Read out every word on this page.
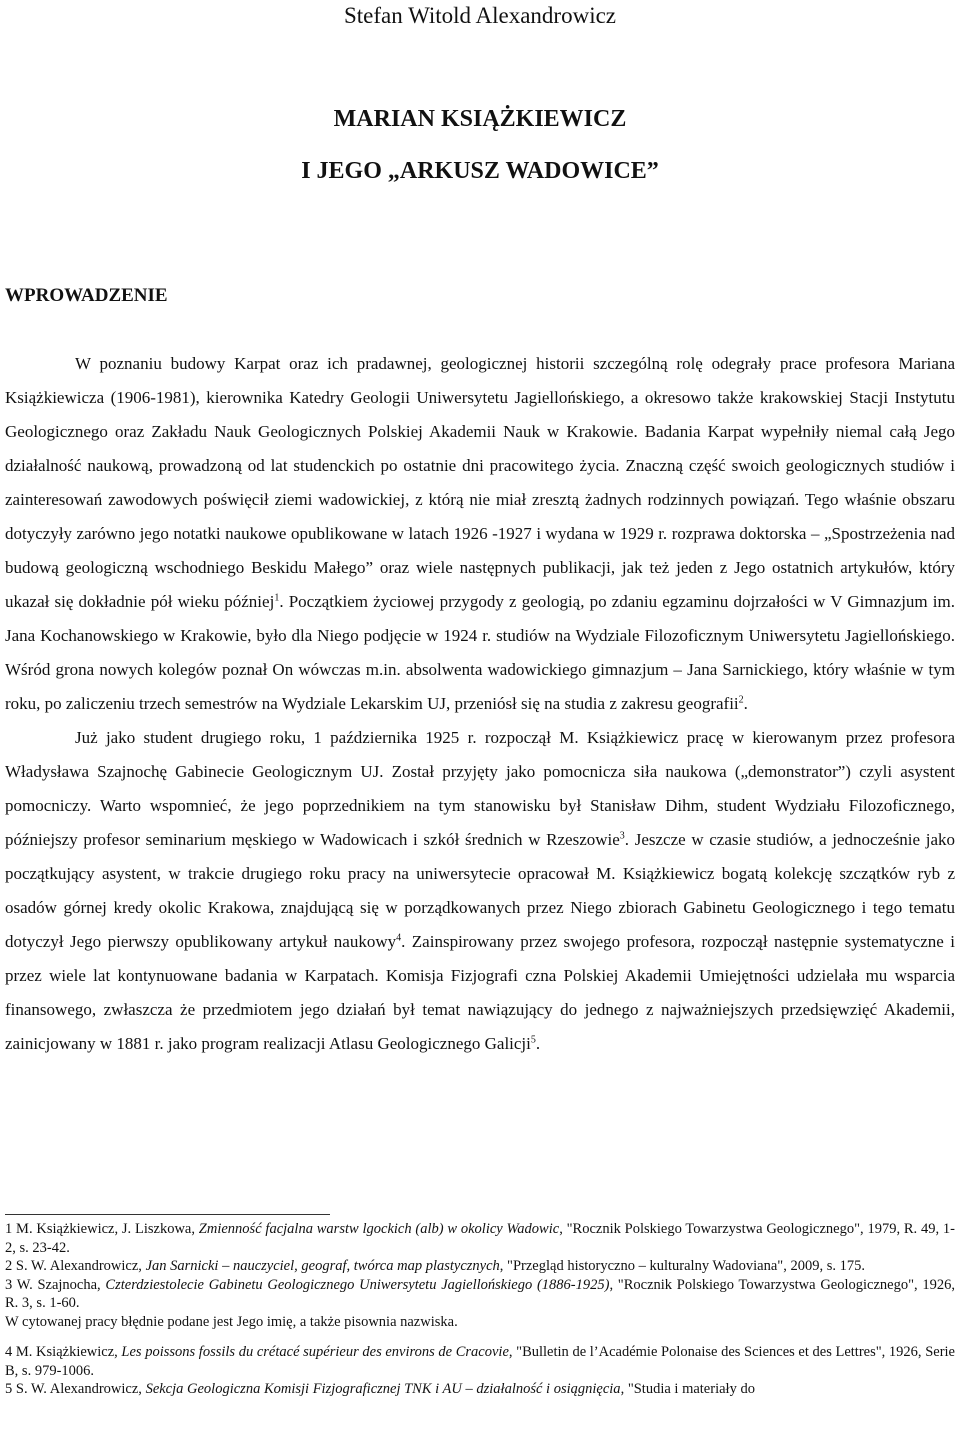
Stefan Witold Alexandrowicz
MARIAN KSIĄŻKIEWICZ
I JEGO „ARKUSZ WADOWICE”
WPROWADZENIE

W poznaniu budowy Karpat oraz ich pradawnej, geologicznej historii szczególną rolę odegrały prace profesora Mariana Książkiewicza (1906-1981), kierownika Katedry Geologii Uniwersytetu Jagiellońskiego, a okresowo także krakowskiej Stacji Instytutu Geologicznego oraz Zakładu Nauk Geologicznych Polskiej Akademii Nauk w Krakowie. Badania Karpat wypełniły niemal całą Jego działalność naukową, prowadzoną od lat studenckich po ostatnie dni pracowitego życia. Znaczną część swoich geologicznych studiów i zainteresowań zawodowych poświęcił ziemi wadowickiej, z którą nie miał zresztą żadnych rodzinnych powiązań. Tego właśnie obszaru dotyczyły zarówno jego notatki naukowe opublikowane w latach 1926 -1927 i wydana w 1929 r. rozprawa doktorska – „Spostrzeżenia nad budową geologiczną wschodniego Beskidu Małego” oraz wiele następnych publikacji, jak też jeden z Jego ostatnich artykułów, który ukazał się dokładnie pół wieku później$^1$. Początkiem życiowej przygody z geologią, po zdaniu egzaminu dojrzałości w V Gimnazjum im. Jana Kochanowskiego w Krakowie, było dla Niego podjęcie w 1924 r. studiów na Wydziale Filozoficznym Uniwersytetu Jagiellońskiego. Wśród grona nowych kolegów poznał On wówczas m.in. absolwenta wadowickiego gimnazjum – Jana Sarnickiego, który właśnie w tym roku, po zaliczeniu trzech semestrów na Wydziale Lekarskim UJ, przeniósł się na studia z zakresu geografii$^2$.

Już jako student drugiego roku, 1 października 1925 r. rozpoczął M. Książkiewicz pracę w kierowanym przez profesora Władysława Szajnochę Gabinecie Geologicznym UJ. Został przyjęty jako pomocnicza siła naukowa („demonstrator”) czyli asystent pomocniczy. Warto wspomnieć, że jego poprzednikiem na tym stanowisku był Stanisław Dihm, student Wydziału Filozoficznego, późniejszy profesor seminarium męskiego w Wadowicach i szkół średnich w Rzeszowie$^3$. Jeszcze w czasie studiów, a jednocześnie jako początkujący asystent, w trakcie drugiego roku pracy na uniwersytecie opracował M. Książkiewicz bogatą kolekcję szczątków ryb z osadów górnej kredy okolic Krakowa, znajdującą się w porządkowanych przez Niego zbiorach Gabinetu Geologicznego i tego tematu dotyczył Jego pierwszy opublikowany artykuł naukowy$^4$. Zainspirowany przez swojego profesora, rozpoczął następnie systematyczne i przez wiele lat kontynuowane badania w Karpatach. Komisja Fizjografi czna Polskiej Akademii Umiejętności udzielała mu wsparcia finansowego, zwłaszcza że przedmiotem jego działań był temat nawiązujący do jednego z najważniejszych przedsięwzięć Akademii, zainicjowany w 1881 r. jako program realizacji Atlasu Geologicznego Galicji$^5$.

1 M. Książkiewicz, J. Liszkowa, Zmienność facjalna warstw lgockich (alb) w okolicy Wadowic, "Rocznik Polskiego Towarzystwa Geologicznego", 1979, R. 49, 1-2, s. 23-42.

2 S. W. Alexandrowicz, Jan Sarnicki – nauczyciel, geograf, twórca map plastycznych, "Przegląd historyczno – kulturalny Wadoviana", 2009, s. 175.

3 W. Szajnocha, Czterdziestolecie Gabinetu Geologicznego Uniwersytetu Jagiellońskiego (1886-1925), "Rocznik Polskiego Towarzystwa Geologicznego", 1926, R. 3, s. 1-60.

W cytowanej pracy błędnie podane jest Jego imię, a także pisownia nazwiska.

4 M. Książkiewicz, Les poissons fossils du crétacé supérieur des environs de Cracovie, "Bulletin de l’Académie Polonaise des Sciences et des Lettres", 1926, Serie B, s. 979-1006.

5 S. W. Alexandrowicz, Sekcja Geologiczna Komisji Fizjograficznej TNK i AU – działalność i osiągnięcia, "Studia i materiały do
